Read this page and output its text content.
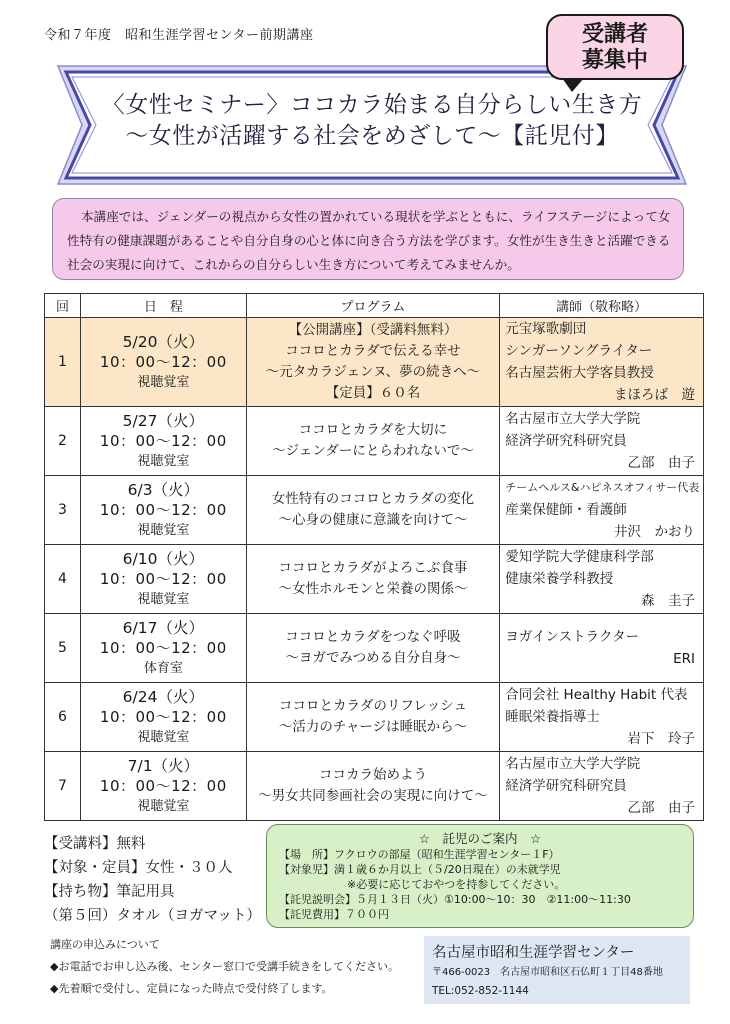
令和７年度　昭和生涯学習センター前期講座	受講者
募集中
〈女性セミナー〉ココカラ始まる自分らしい生き方
～女性が活躍する社会をめざして～【託児付】
本講座では、ジェンダーの視点から女性の置かれている現状を学ぶとともに、ライフステージによって女性特有の健康課題があることや自分自身の心と体に向き合う方法を学びます。女性が生き生きと活躍できる社会の実現に向けて、これからの自分らしい生き方について考えてみませんか。
回	日　程	プログラム	講師（敬称略）
1	5/20（火）
10：00～12：00
視聴覚室	【公開講座】（受講料無料）
ココロとカラダで伝える幸せ
～元タカラジェンヌ、夢の続きへ～
【定員】６０名	元宝塚歌劇団
シンガーソングライター
名古屋芸術大学客員教授
まほろば　遊

2	5/27（火）
10：00～12：00
視聴覚室	ココロとカラダを大切に
～ジェンダーにとらわれないで～	名古屋市立大学大学院
経済学研究科研究員
乙部　由子

3	6/3（火）
10：00～12：00
視聴覚室	女性特有のココロとカラダの変化
～心身の健康に意識を向けて～	チームヘルス&ハピネスオフィサー代表
産業保健師・看護師
井沢　かおり

4	6/10（火）
10：00～12：00
視聴覚室	ココロとカラダがよろこぶ食事
～女性ホルモンと栄養の関係～	愛知学院大学健康科学部
健康栄養学科教授
森　圭子

5	6/17（火）
10：00～12：00
体育室	ココロとカラダをつなぐ呼吸
～ヨガでみつめる自分自身～	ヨガインストラクター
ERI

6	6/24（火）
10：00～12：00
視聴覚室	ココロとカラダのリフレッシュ
～活力のチャージは睡眠から～	合同会社 Healthy Habit 代表
睡眠栄養指導士
岩下　玲子

7	7/1（火）
10：00～12：00
視聴覚室	ココカラ始めよう
～男女共同参画社会の実現に向けて～	名古屋市立大学大学院
経済学研究科研究員
乙部　由子
【受講料】無料
【対象・定員】女性・３０人
【持ち物】筆記用具
（第５回）タオル（ヨガマット）
☆　託児のご案内　☆
【場　所】フクロウの部屋（昭和生涯学習センター１F）
【対象児】満１歳６か月以上（５/20日現在）の未就学児
※必要に応じておやつを持参してください。
【託児説明会】５月１３日（火）①10:00～10：30　②11:00～11:30
【託児費用】７００円
講座の申込みについて
◆お電話でお申し込み後、センター窓口で受講手続きをしてください。
◆先着順で受付し、定員になった時点で受付終了します。
名古屋市昭和生涯学習センター
〒466-0023　名古屋市昭和区石仏町１丁目48番地
TEL:052-852-1144
